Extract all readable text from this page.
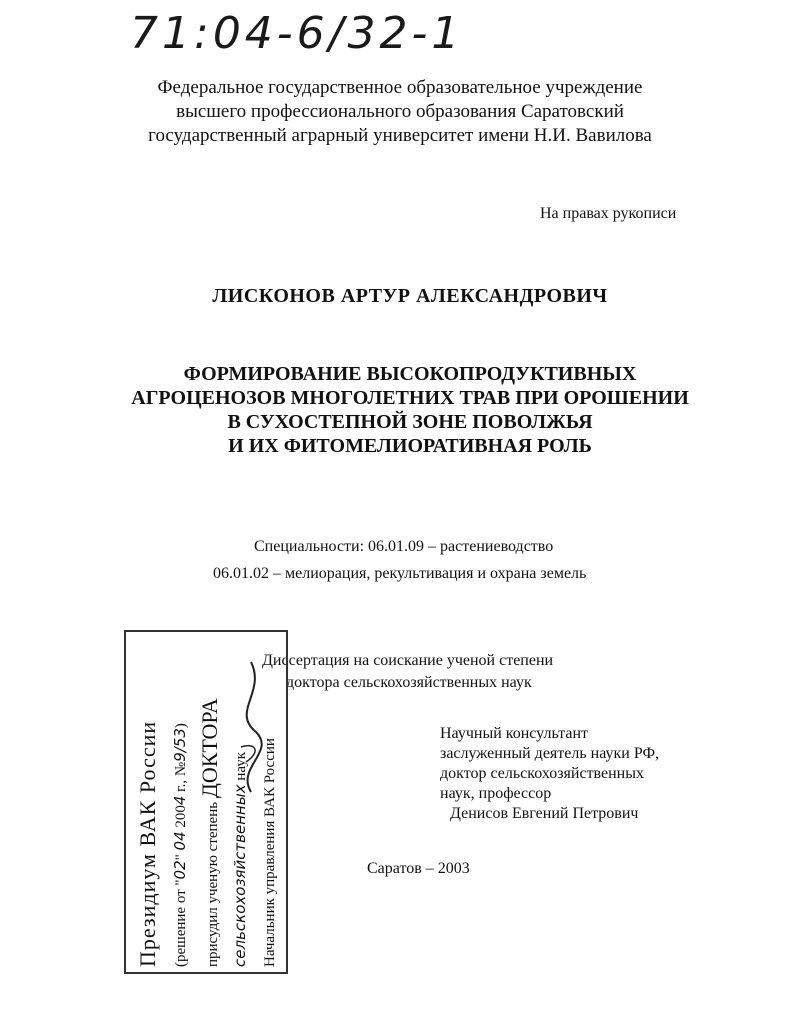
71:04-6/32-1
Федеральное государственное образовательное учреждение
высшего профессионального образования Саратовский
государственный аграрный университет имени Н.И. Вавилова
На правах рукописи
ЛИСКОНОВ АРТУР АЛЕКСАНДРОВИЧ
ФОРМИРОВАНИЕ ВЫСОКОПРОДУКТИВНЫХ
АГРОЦЕНОЗОВ МНОГОЛЕТНИХ ТРАВ ПРИ ОРОШЕНИИ
В СУХОСТЕПНОЙ ЗОНЕ ПОВОЛЖЬЯ
И ИХ ФИТОМЕЛИОРАТИВНАЯ РОЛЬ
Специальности: 06.01.09 – растениеводство
06.01.02 – мелиорация, рекультивация и охрана земель
Диссертация на соискание ученой степени
доктора сельскохозяйственных наук
Научный консультант
заслуженный деятель науки РФ,
доктор сельскохозяйственных
наук, профессор
Денисов Евгений Петрович
Саратов – 2003
Президиум ВАК России (решение от "02" 04 2004 г., №9/53)
присудил ученую степень ДОКТОРА
сельскохозяйственных наук Начальник управления ВАК России
